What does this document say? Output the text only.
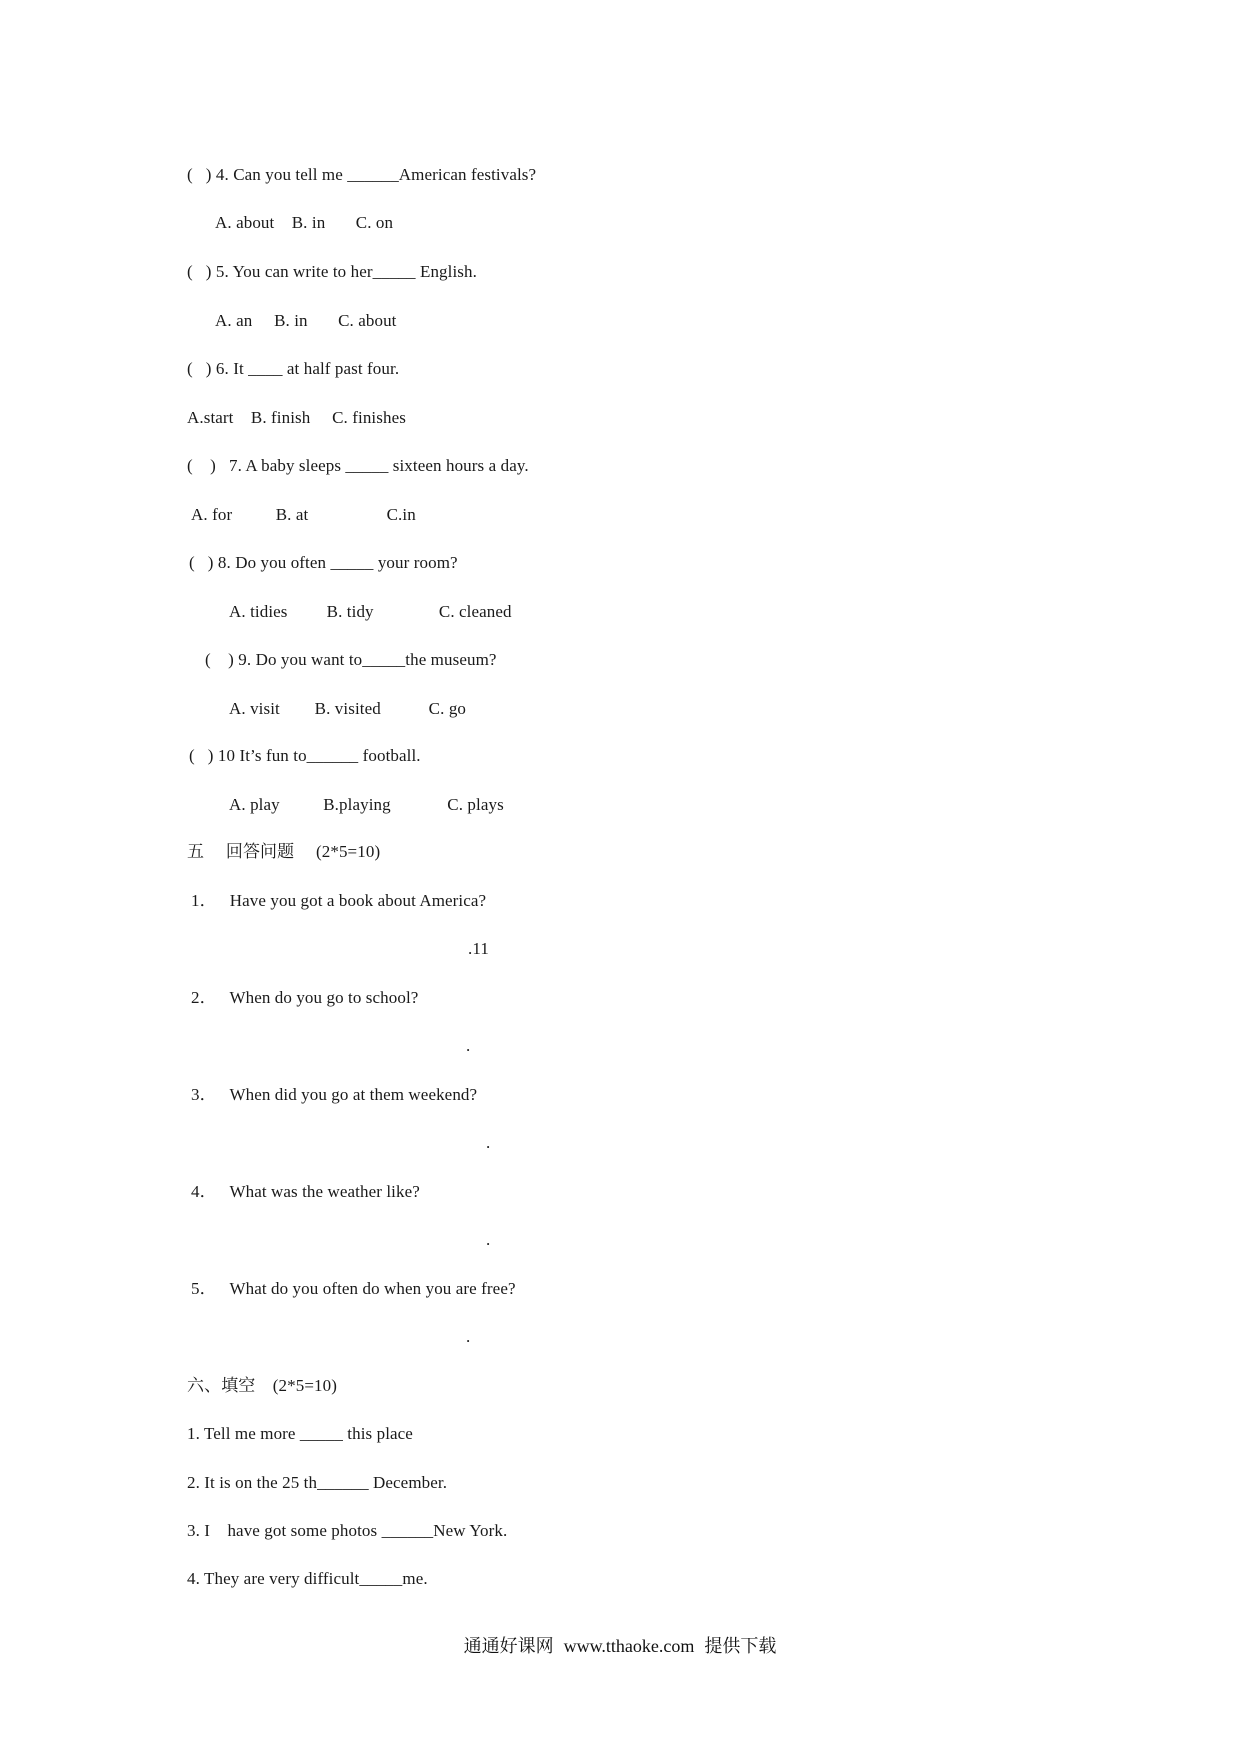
(   ) 4. Can you tell me ______American festivals?
A. about    B. in       C. on
(   ) 5. You can write to her_____ English.
A. an     B. in       C. about
(   ) 6. It ____ at half past four.
A.start    B. finish     C. finishes
(    )   7. A baby sleeps _____ sixteen hours a day.
A. for          B. at                  C.in
(   ) 8. Do you often _____ your room?
A. tidies         B. tidy               C. cleaned
(    ) 9. Do you want to_____the museum?
A. visit        B. visited           C. go
(   ) 10 It’s fun to______ football.
A. play          B.playing             C. plays
五     回答问题     (2*5=10)
1．   Have you got a book about America?
.11
2．   When do you go to school?
.
3．   When did you go at them weekend?
.
4．   What was the weather like?
.
5．   What do you often do when you are free?
.
六、填空    (2*5=10)
1. Tell me more _____ this place
2. It is on the 25 th______ December.
3. I    have got some photos ______New York.
4. They are very difficult_____me.
通通好课网 www.tthaoke.com 提供下载
